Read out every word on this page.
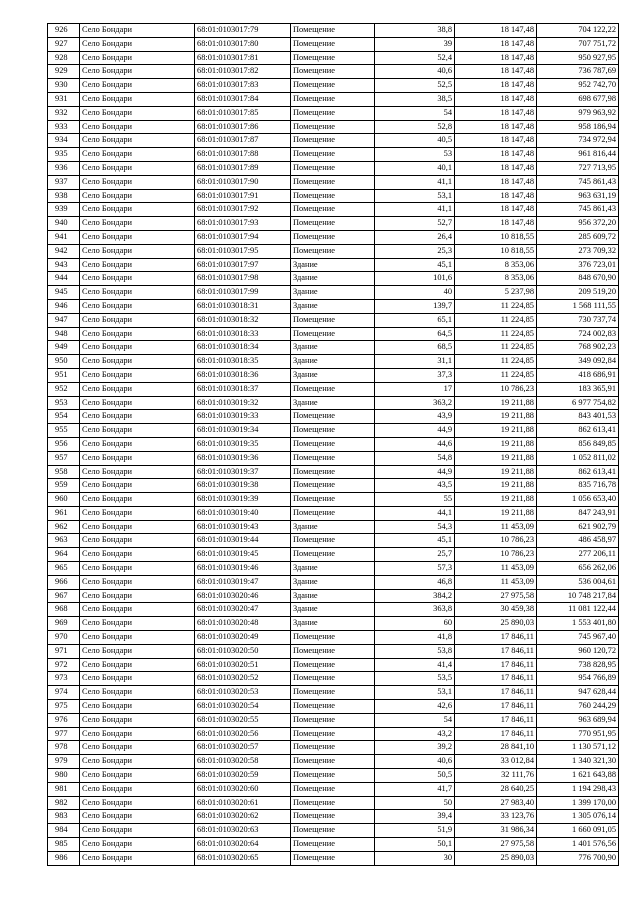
926	Село Бондари	68:01:0103017:79	Помещение	38,8	18 147,48	704 122,22
927	Село Бондари	68:01:0103017:80	Помещение	39	18 147,48	707 751,72
928	Село Бондари	68:01:0103017:81	Помещение	52,4	18 147,48	950 927,95
929	Село Бондари	68:01:0103017:82	Помещение	40,6	18 147,48	736 787,69
930	Село Бондари	68:01:0103017:83	Помещение	52,5	18 147,48	952 742,70
931	Село Бондари	68:01:0103017:84	Помещение	38,5	18 147,48	698 677,98
932	Село Бондари	68:01:0103017:85	Помещение	54	18 147,48	979 963,92
933	Село Бондари	68:01:0103017:86	Помещение	52,8	18 147,48	958 186,94
934	Село Бондари	68:01:0103017:87	Помещение	40,5	18 147,48	734 972,94
935	Село Бондари	68:01:0103017:88	Помещение	53	18 147,48	961 816,44
936	Село Бондари	68:01:0103017:89	Помещение	40,1	18 147,48	727 713,95
937	Село Бондари	68:01:0103017:90	Помещение	41,1	18 147,48	745 861,43
938	Село Бондари	68:01:0103017:91	Помещение	53,1	18 147,48	963 631,19
939	Село Бондари	68:01:0103017:92	Помещение	41,1	18 147,48	745 861,43
940	Село Бондари	68:01:0103017:93	Помещение	52,7	18 147,48	956 372,20
941	Село Бондари	68:01:0103017:94	Помещение	26,4	10 818,55	285 609,72
942	Село Бондари	68:01:0103017:95	Помещение	25,3	10 818,55	273 709,32
943	Село Бондари	68:01:0103017:97	Здание	45,1	8 353,06	376 723,01
944	Село Бондари	68:01:0103017:98	Здание	101,6	8 353,06	848 670,90
945	Село Бондари	68:01:0103017:99	Здание	40	5 237,98	209 519,20
946	Село Бондари	68:01:0103018:31	Здание	139,7	11 224,85	1 568 111,55
947	Село Бондари	68:01:0103018:32	Помещение	65,1	11 224,85	730 737,74
948	Село Бондари	68:01:0103018:33	Помещение	64,5	11 224,85	724 002,83
949	Село Бондари	68:01:0103018:34	Здание	68,5	11 224,85	768 902,23
950	Село Бондари	68:01:0103018:35	Здание	31,1	11 224,85	349 092,84
951	Село Бондари	68:01:0103018:36	Здание	37,3	11 224,85	418 686,91
952	Село Бондари	68:01:0103018:37	Помещение	17	10 786,23	183 365,91
953	Село Бондари	68:01:0103019:32	Здание	363,2	19 211,88	6 977 754,82
954	Село Бондари	68:01:0103019:33	Помещение	43,9	19 211,88	843 401,53
955	Село Бондари	68:01:0103019:34	Помещение	44,9	19 211,88	862 613,41
956	Село Бондари	68:01:0103019:35	Помещение	44,6	19 211,88	856 849,85
957	Село Бондари	68:01:0103019:36	Помещение	54,8	19 211,88	1 052 811,02
958	Село Бондари	68:01:0103019:37	Помещение	44,9	19 211,88	862 613,41
959	Село Бондари	68:01:0103019:38	Помещение	43,5	19 211,88	835 716,78
960	Село Бондари	68:01:0103019:39	Помещение	55	19 211,88	1 056 653,40
961	Село Бондари	68:01:0103019:40	Помещение	44,1	19 211,88	847 243,91
962	Село Бондари	68:01:0103019:43	Здание	54,3	11 453,09	621 902,79
963	Село Бондари	68:01:0103019:44	Помещение	45,1	10 786,23	486 458,97
964	Село Бондари	68:01:0103019:45	Помещение	25,7	10 786,23	277 206,11
965	Село Бондари	68:01:0103019:46	Здание	57,3	11 453,09	656 262,06
966	Село Бондари	68:01:0103019:47	Здание	46,8	11 453,09	536 004,61
967	Село Бондари	68:01:0103020:46	Здание	384,2	27 975,58	10 748 217,84
968	Село Бондари	68:01:0103020:47	Здание	363,8	30 459,38	11 081 122,44
969	Село Бондари	68:01:0103020:48	Здание	60	25 890,03	1 553 401,80
970	Село Бондари	68:01:0103020:49	Помещение	41,8	17 846,11	745 967,40
971	Село Бондари	68:01:0103020:50	Помещение	53,8	17 846,11	960 120,72
972	Село Бондари	68:01:0103020:51	Помещение	41,4	17 846,11	738 828,95
973	Село Бондари	68:01:0103020:52	Помещение	53,5	17 846,11	954 766,89
974	Село Бондари	68:01:0103020:53	Помещение	53,1	17 846,11	947 628,44
975	Село Бондари	68:01:0103020:54	Помещение	42,6	17 846,11	760 244,29
976	Село Бондари	68:01:0103020:55	Помещение	54	17 846,11	963 689,94
977	Село Бондари	68:01:0103020:56	Помещение	43,2	17 846,11	770 951,95
978	Село Бондари	68:01:0103020:57	Помещение	39,2	28 841,10	1 130 571,12
979	Село Бондари	68:01:0103020:58	Помещение	40,6	33 012,84	1 340 321,30
980	Село Бондари	68:01:0103020:59	Помещение	50,5	32 111,76	1 621 643,88
981	Село Бондари	68:01:0103020:60	Помещение	41,7	28 640,25	1 194 298,43
982	Село Бондари	68:01:0103020:61	Помещение	50	27 983,40	1 399 170,00
983	Село Бондари	68:01:0103020:62	Помещение	39,4	33 123,76	1 305 076,14
984	Село Бондари	68:01:0103020:63	Помещение	51,9	31 986,34	1 660 091,05
985	Село Бондари	68:01:0103020:64	Помещение	50,1	27 975,58	1 401 576,56
986	Село Бондари	68:01:0103020:65	Помещение	30	25 890,03	776 700,90
